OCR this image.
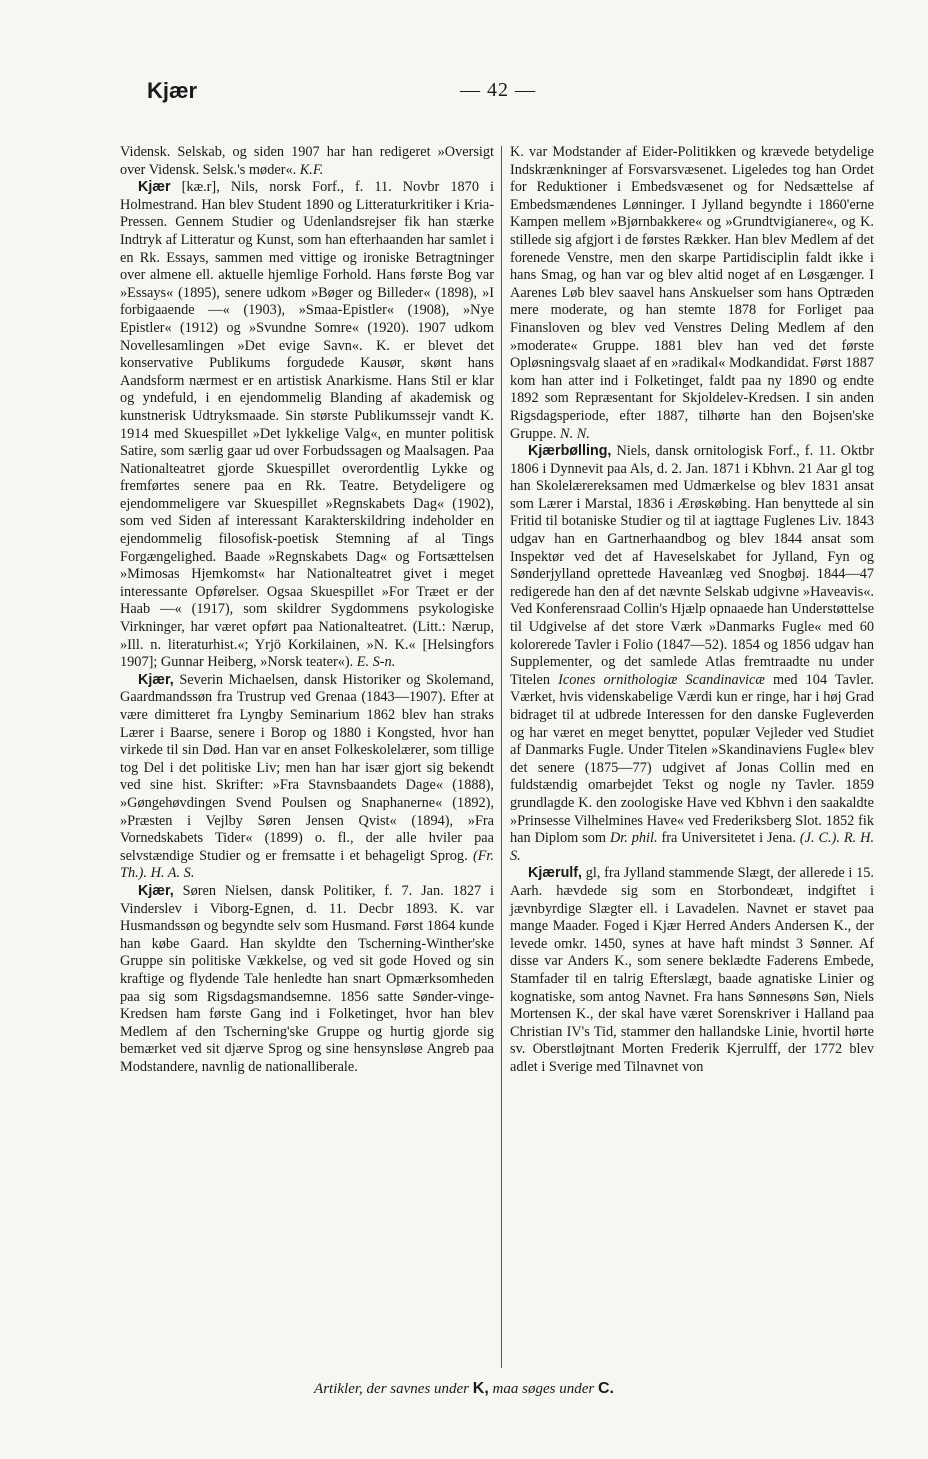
Kjær	— 42 —

Vidensk. Selskab, og siden 1907 har han redigeret »Oversigt over Vidensk. Selsk.'s møder«. K.F.

Kjær [kæ.r], Nils, norsk Forf., f. 11. Novbr 1870 i Holmestrand. Han blev Student 1890 og Litteraturkritiker i Kria-Pressen. Gennem Studier og Udenlandsrejser fik han stærke Indtryk af Litteratur og Kunst, som han efterhaanden har samlet i en Rk. Essays, sammen med vittige og ironiske Betragtninger over almene ell. aktuelle hjemlige Forhold. Hans første Bog var »Essays« (1895), senere udkom »Bøger og Billeder« (1898), »I forbigaaende —« (1903), »Smaa-Epistler« (1908), »Nye Epistler« (1912) og »Svundne Somre« (1920). 1907 udkom Novellesamlingen »Det evige Savn«. K. er blevet det konservative Publikums forgudede Kausør, skønt hans Aandsform nærmest er en artistisk Anarkisme. Hans Stil er klar og yndefuld, i en ejendommelig Blanding af akademisk og kunstnerisk Udtryksmaade. Sin største Publikumssejr vandt K. 1914 med Skuespillet »Det lykkelige Valg«, en munter politisk Satire, som særlig gaar ud over Forbudssagen og Maalsagen. Paa Nationalteatret gjorde Skuespillet overordentlig Lykke og fremførtes senere paa en Rk. Teatre. Betydeligere og ejendommeligere var Skuespillet »Regnskabets Dag« (1902), som ved Siden af interessant Karakterskildring indeholder en ejendommelig filosofisk-poetisk Stemning af al Tings Forgængelighed. Baade »Regnskabets Dag« og Fortsættelsen »Mimosas Hjemkomst« har Nationalteatret givet i meget interessante Opførelser. Ogsaa Skuespillet »For Træet er der Haab —« (1917), som skildrer Sygdommens psykologiske Virkninger, har været opført paa Nationalteatret. (Litt.: Nærup, »Ill. n. literaturhist.«; Yrjö Korkilainen, »N. K.« [Helsingfors 1907]; Gunnar Heiberg, »Norsk teater«). E. S-n.

Kjær, Severin Michaelsen, dansk Historiker og Skolemand, Gaardmandssøn fra Trustrup ved Grenaa (1843—1907). Efter at være dimitteret fra Lyngby Seminarium 1862 blev han straks Lærer i Baarse, senere i Borop og 1880 i Kongsted, hvor han virkede til sin Død. Han var en anset Folkeskolelærer, som tillige tog Del i det politiske Liv; men han har især gjort sig bekendt ved sine hist. Skrifter: »Fra Stavnsbaandets Dage« (1888), »Gøngehøvdingen Svend Poulsen og Snaphanerne« (1892), »Præsten i Vejlby Søren Jensen Qvist« (1894), »Fra Vornedskabets Tider« (1899) o. fl., der alle hviler paa selvstændige Studier og er fremsatte i et behageligt Sprog. (Fr. Th.). H. A. S.

Kjær, Søren Nielsen, dansk Politiker, f. 7. Jan. 1827 i Vinderslev i Viborg-Egnen, d. 11. Decbr 1893. K. var Husmandssøn og begyndte selv som Husmand. Først 1864 kunde han købe Gaard. Han skyldte den Tscherning-Winther'ske Gruppe sin politiske Vækkelse, og ved sit gode Hoved og sin kraftige og flydende Tale henledte han snart Opmærksomheden paa sig som Rigsdagsmandsemne. 1856 satte Sønder-vinge-Kredsen ham første Gang ind i Folketinget, hvor han blev Medlem af den Tscherning'ske Gruppe og hurtig gjorde sig bemærket ved sit djærve Sprog og sine hensynsløse Angreb paa Modstandere, navnlig de nationalliberale.

K. var Modstander af Eider-Politikken og krævede betydelige Indskrænkninger af Forsvarsvæsenet. Ligeledes tog han Ordet for Reduktioner i Embedsvæsenet og for Nedsættelse af Embedsmændenes Lønninger. I Jylland begyndte i 1860'erne Kampen mellem »Bjørnbakkere« og »Grundtvigianere«, og K. stillede sig afgjort i de førstes Rækker. Han blev Medlem af det forenede Venstre, men den skarpe Partidisciplin faldt ikke i hans Smag, og han var og blev altid noget af en Løsgænger. I Aarenes Løb blev saavel hans Anskuelser som hans Optræden mere moderate, og han stemte 1878 for Forliget paa Finansloven og blev ved Venstres Deling Medlem af den »moderate« Gruppe. 1881 blev han ved det første Opløsningsvalg slaaet af en »radikal« Modkandidat. Først 1887 kom han atter ind i Folketinget, faldt paa ny 1890 og endte 1892 som Repræsentant for Skjoldelev-Kredsen. I sin anden Rigsdagsperiode, efter 1887, tilhørte han den Bojsen'ske Gruppe. N. N.

Kjærbølling, Niels, dansk ornitologisk Forf., f. 11. Oktbr 1806 i Dynnevit paa Als, d. 2. Jan. 1871 i Kbhvn. 21 Aar gl tog han Skolelærereksamen med Udmærkelse og blev 1831 ansat som Lærer i Marstal, 1836 i Ærøskøbing. Han benyttede al sin Fritid til botaniske Studier og til at iagttage Fuglenes Liv. 1843 udgav han en Gartnerhaandbog og blev 1844 ansat som Inspektør ved det af Haveselskabet for Jylland, Fyn og Sønderjylland oprettede Haveanlæg ved Snogbøj. 1844—47 redigerede han den af det nævnte Selskab udgivne »Haveavis«. Ved Konferensraad Collin's Hjælp opnaaede han Understøttelse til Udgivelse af det store Værk »Danmarks Fugle« med 60 kolorerede Tavler i Folio (1847—52). 1854 og 1856 udgav han Supplementer, og det samlede Atlas fremtraadte nu under Titelen Icones ornithologiæ Scandinavicæ med 104 Tavler. Værket, hvis videnskabelige Værdi kun er ringe, har i høj Grad bidraget til at udbrede Interessen for den danske Fugleverden og har været en meget benyttet, populær Vejleder ved Studiet af Danmarks Fugle. Under Titelen »Skandinaviens Fugle« blev det senere (1875—77) udgivet af Jonas Collin med en fuldstændig omarbejdet Tekst og nogle ny Tavler. 1859 grundlagde K. den zoologiske Have ved Kbhvn i den saakaldte »Prinsesse Vilhelmines Have« ved Frederiksberg Slot. 1852 fik han Diplom som Dr. phil. fra Universitetet i Jena. (J. C.). R. H. S.

Kjærulf, gl, fra Jylland stammende Slægt, der allerede i 15. Aarh. hævdede sig som en Storbondeæt, indgiftet i jævnbyrdige Slægter ell. i Lavadelen. Navnet er stavet paa mange Maader. Foged i Kjær Herred Anders Andersen K., der levede omkr. 1450, synes at have haft mindst 3 Sønner. Af disse var Anders K., som senere beklædte Faderens Embede, Stamfader til en talrig Efterslægt, baade agnatiske Linier og kognatiske, som antog Navnet. Fra hans Sønnesøns Søn, Niels Mortensen K., der skal have været Sorenskriver i Halland paa Christian IV's Tid, stammer den hallandske Linie, hvortil hørte sv. Oberstløjtnant Morten Frederik Kjerrulff, der 1772 blev adlet i Sverige med Tilnavnet von

Artikler, der savnes under K, maa søges under C.
